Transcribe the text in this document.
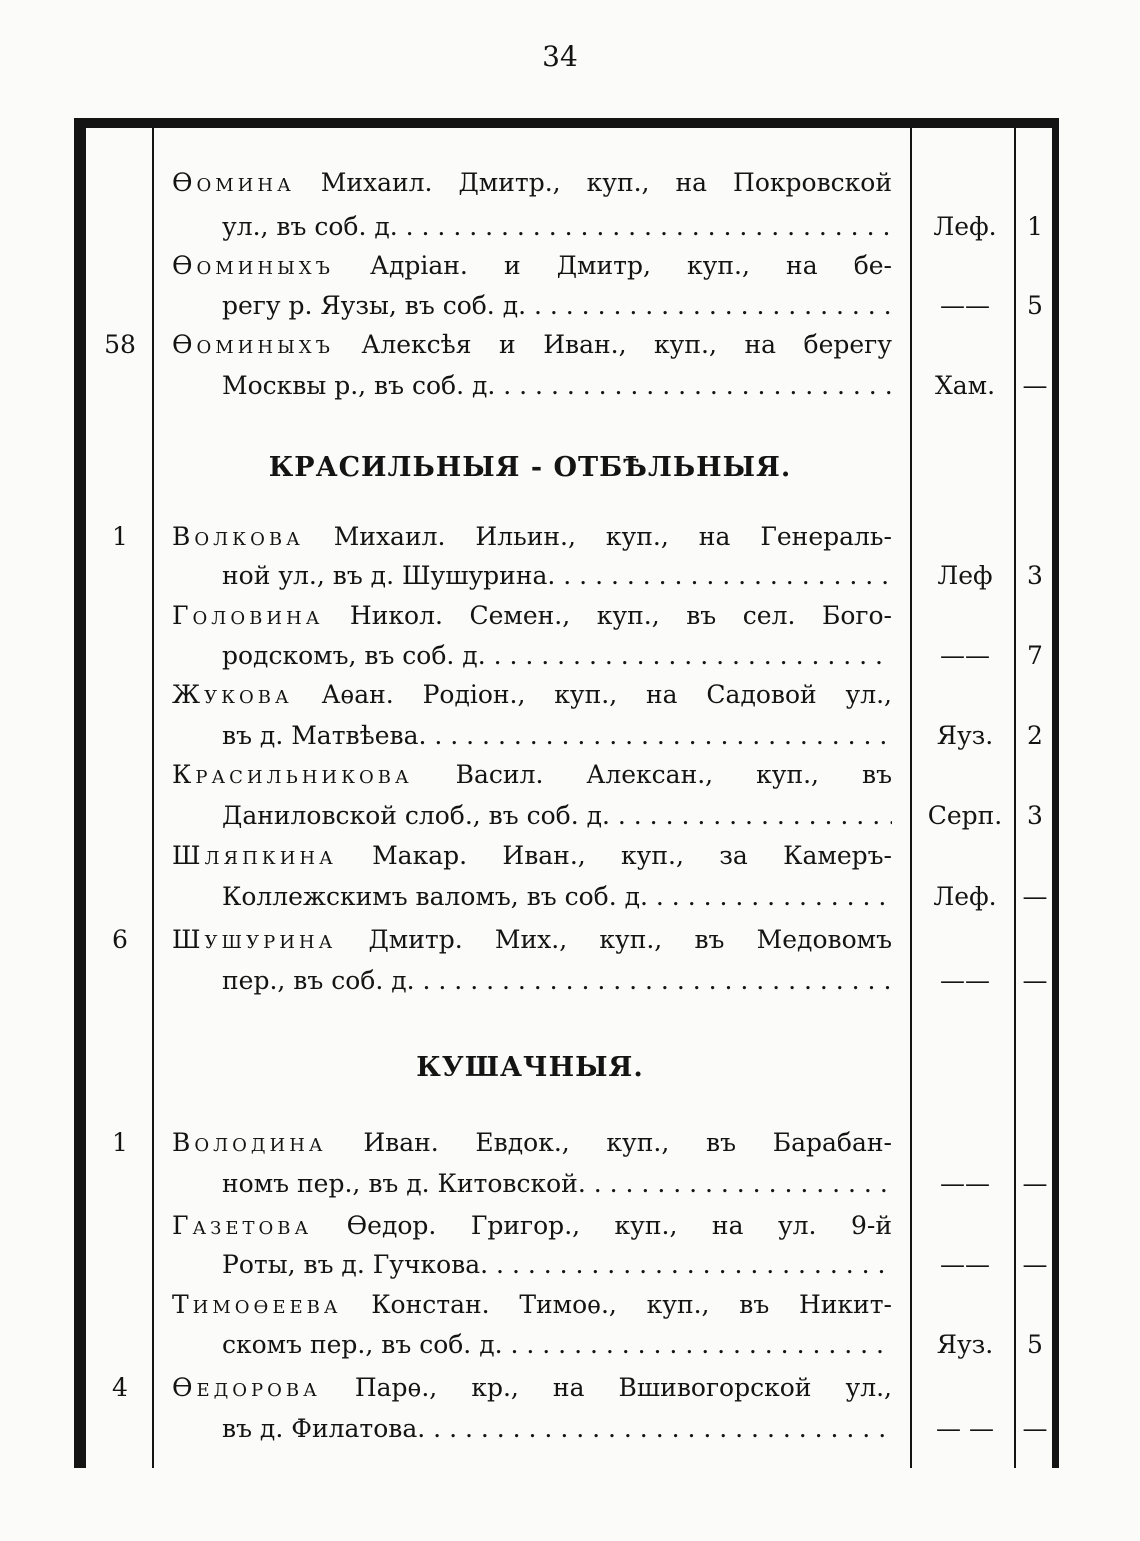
34
Ѳомина Михаил. Дмитр., куп., на Покровской
ул., въ соб. д. . . .	Леф.	1
Ѳоминыхъ Адріан. и Дмитр, куп., на бе-
регу р. Яузы, въ соб. д. . . .	——	5
58	Ѳоминыхъ Алексѣя и Иван., куп., на берегу
Москвы р., въ соб. д. . . .	Хам.	—
КРАСИЛЬНЫЯ - ОТБѢЛЬНЫЯ.
1	Волкова Михаил. Ильин., куп., на Генераль-
ной ул., въ д. Шушурина. . . .	Леф	3
Головина Никол. Семен., куп., въ сел. Бого-
родскомъ, въ соб. д. . . .	——	7
Жукова Аѳан. Родіон., куп., на Садовой ул.,
въ д. Матвѣева. . . .	Яуз.	2
Красильникова Васил. Алексан., куп., въ
Даниловской слоб., въ соб. д. . . .	Серп. 3
Шляпкина Макар. Иван., куп., за Камеръ-
Коллежскимъ валомъ, въ соб. д. . . .	Леф.	—
6	Шушурина Дмитр. Мих., куп., въ Медовомъ
пер., въ соб. д. . . .	——	—
КУШАЧНЫЯ.
1	Володина Иван. Евдок., куп., въ Барабан-
номъ пер., въ д. Китовской. . . .	——	—
Газетова Ѳедор. Григор., куп., на ул. 9-й
Роты, въ д. Гучкова. . . .	——	—
Тимоѳеева Констан. Тимоѳ., куп., въ Никит-
скомъ пер., въ соб. д. . . .	Яуз.	5
4	Ѳедорова Парѳ., кр., на Вшивогорской ул.,
въ д. Филатова. . . .	— —	—
